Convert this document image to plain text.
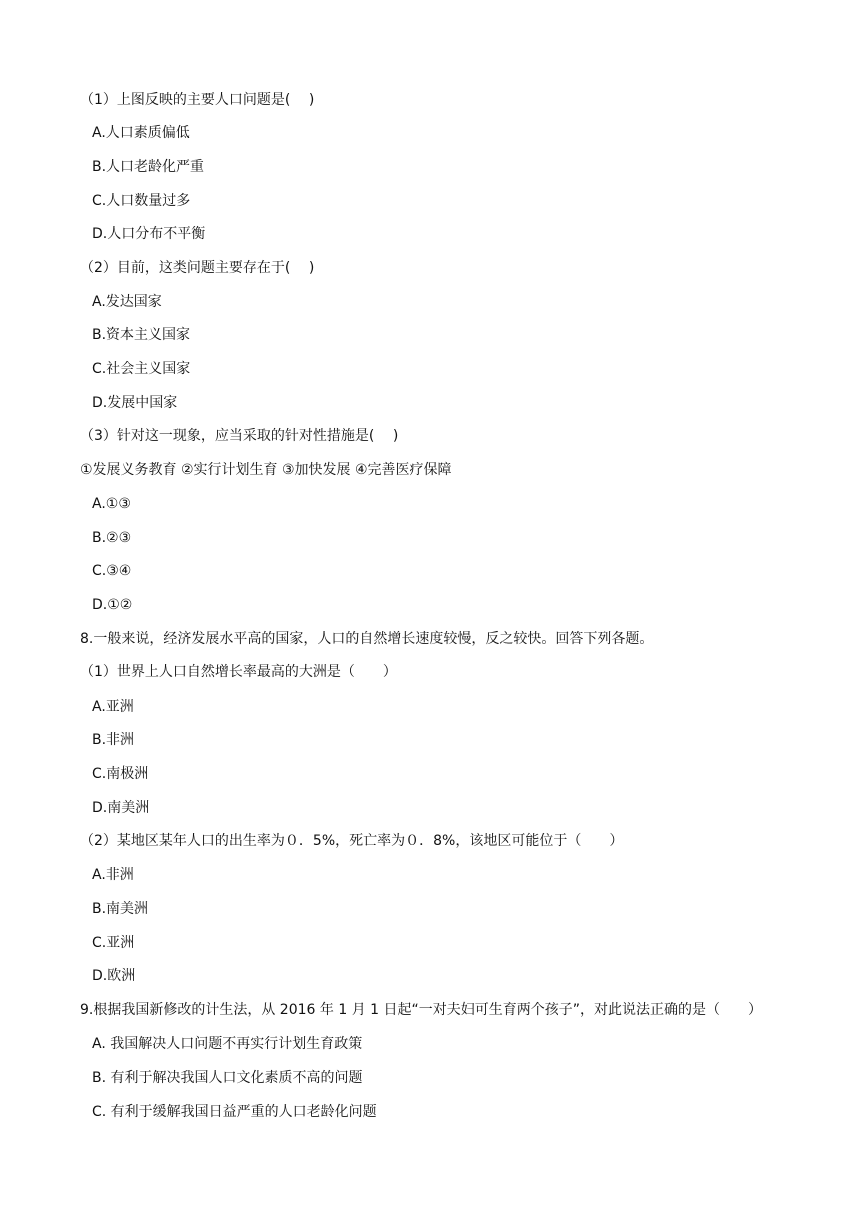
（1）上图反映的主要人口问题是(　 )
A.人口素质偏低
B.人口老龄化严重
C.人口数量过多
D.人口分布不平衡
（2）目前，这类问题主要存在于(　 )
A.发达国家
B.资本主义国家
C.社会主义国家
D.发展中国家
（3）针对这一现象，应当采取的针对性措施是(　 )
①发展义务教育 ②实行计划生育 ③加快发展 ④完善医疗保障
A.①③
B.②③
C.③④
D.①②
8.一般来说，经济发展水平高的国家，人口的自然增长速度较慢，反之较快。回答下列各题。
（1）世界上人口自然增长率最高的大洲是（　　）
A.亚洲
B.非洲
C.南极洲
D.南美洲
（2）某地区某年人口的出生率为０．5%，死亡率为０．8%，该地区可能位于（　　）
A.非洲
B.南美洲
C.亚洲
D.欧洲
9.根据我国新修改的计生法，从 2016 年 1 月 1 日起“一对夫妇可生育两个孩子”，对此说法正确的是（　　）
A. 我国解决人口问题不再实行计划生育政策
B. 有利于解决我国人口文化素质不高的问题
C. 有利于缓解我国日益严重的人口老龄化问题
